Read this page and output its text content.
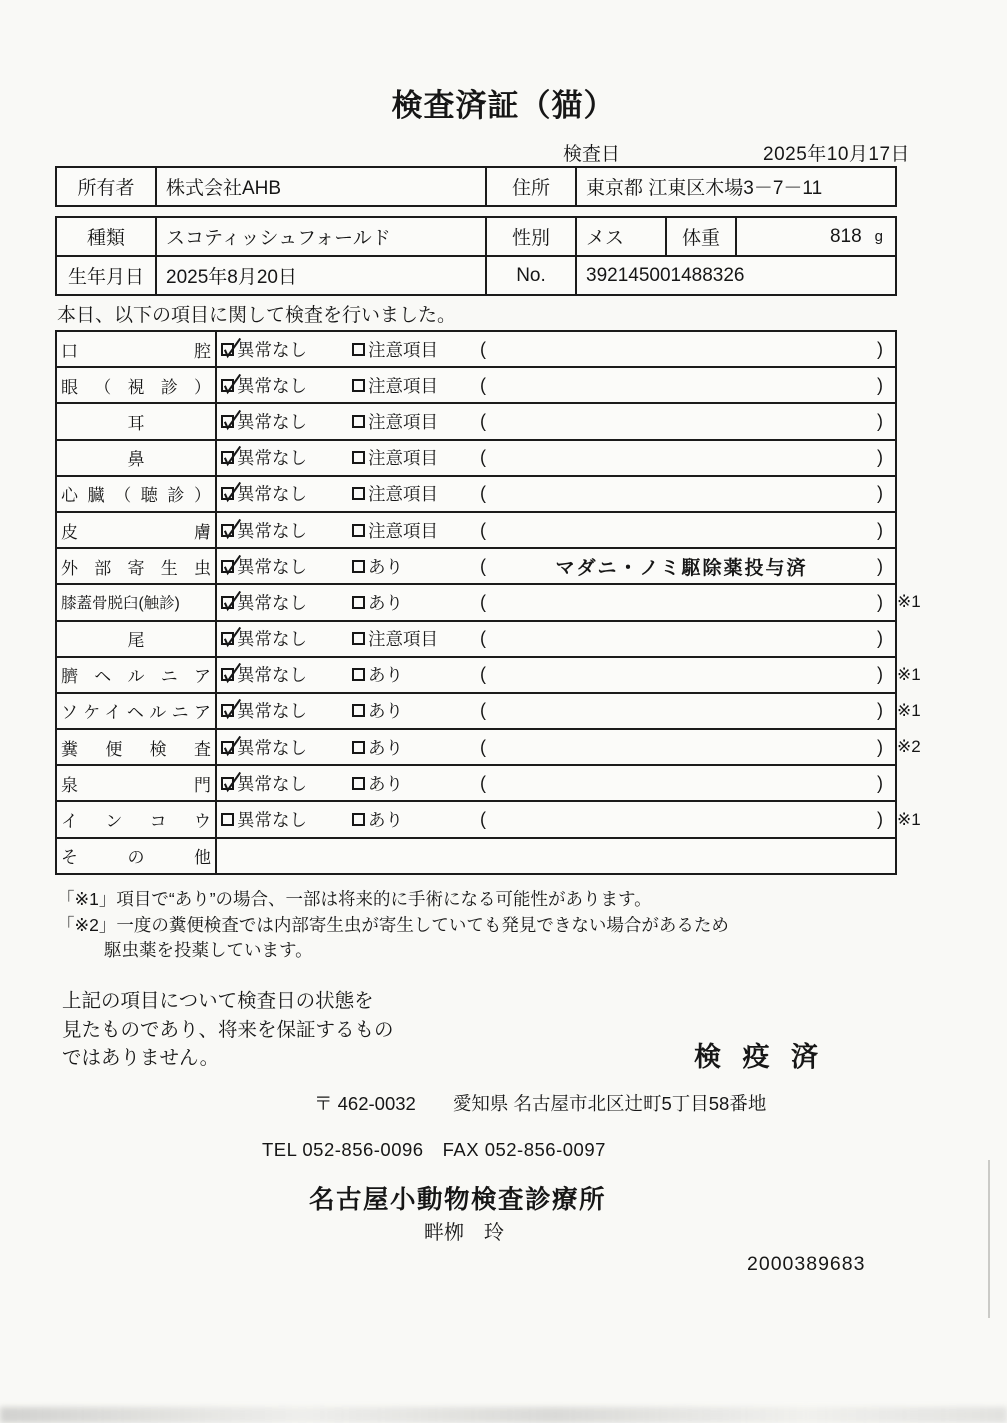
検査済証（猫）
検査日	2025年10月17日
所有者	株式会社AHB	住所	東京都 江東区木場3－7－11
種類	スコティッシュフォールド	性別	メス	体重	818 g
生年月日	2025年8月20日	No.	392145001488326
本日、以下の項目に関して検査を行いました。
口腔 異常なし	注意項目 (	)
眼（視診） 異常なし	注意項目 (	)
耳	異常なし	注意項目 (	)
鼻	異常なし	注意項目 (	)
心臓（聴診） 異常なし	注意項目 (	)
皮膚 異常なし	注意項目 (	)
外部寄生虫 異常なし	あり	(	マダニ・ノミ駆除薬投与済	)
膝蓋骨脱臼(触診)	異常なし	あり	(	) ※1
尾	異常なし	注意項目 (	)
臍ヘルニア 異常なし	あり	(	) ※1
ソケイヘルニア 異常なし	あり	(	) ※1
糞便検査 異常なし	あり	(	) ※2
泉門 異常なし	あり	(	)
インコウ 異常なし	あり	(	) ※1
その他
「※1」項目で“あり”の場合、一部は将来的に手術になる可能性があります。
「※2」一度の糞便検査では内部寄生虫が寄生していても発見できない場合があるため
駆虫薬を投薬しています。
上記の項目について検査日の状態を
見たものであり、将来を保証するもの
ではありません。	検 疫 済
〒 462-0032　　愛知県 名古屋市北区辻町5丁目58番地
TEL 052-856-0096　FAX 052-856-0097
名古屋小動物検査診療所
畔栁　玲
2000389683
